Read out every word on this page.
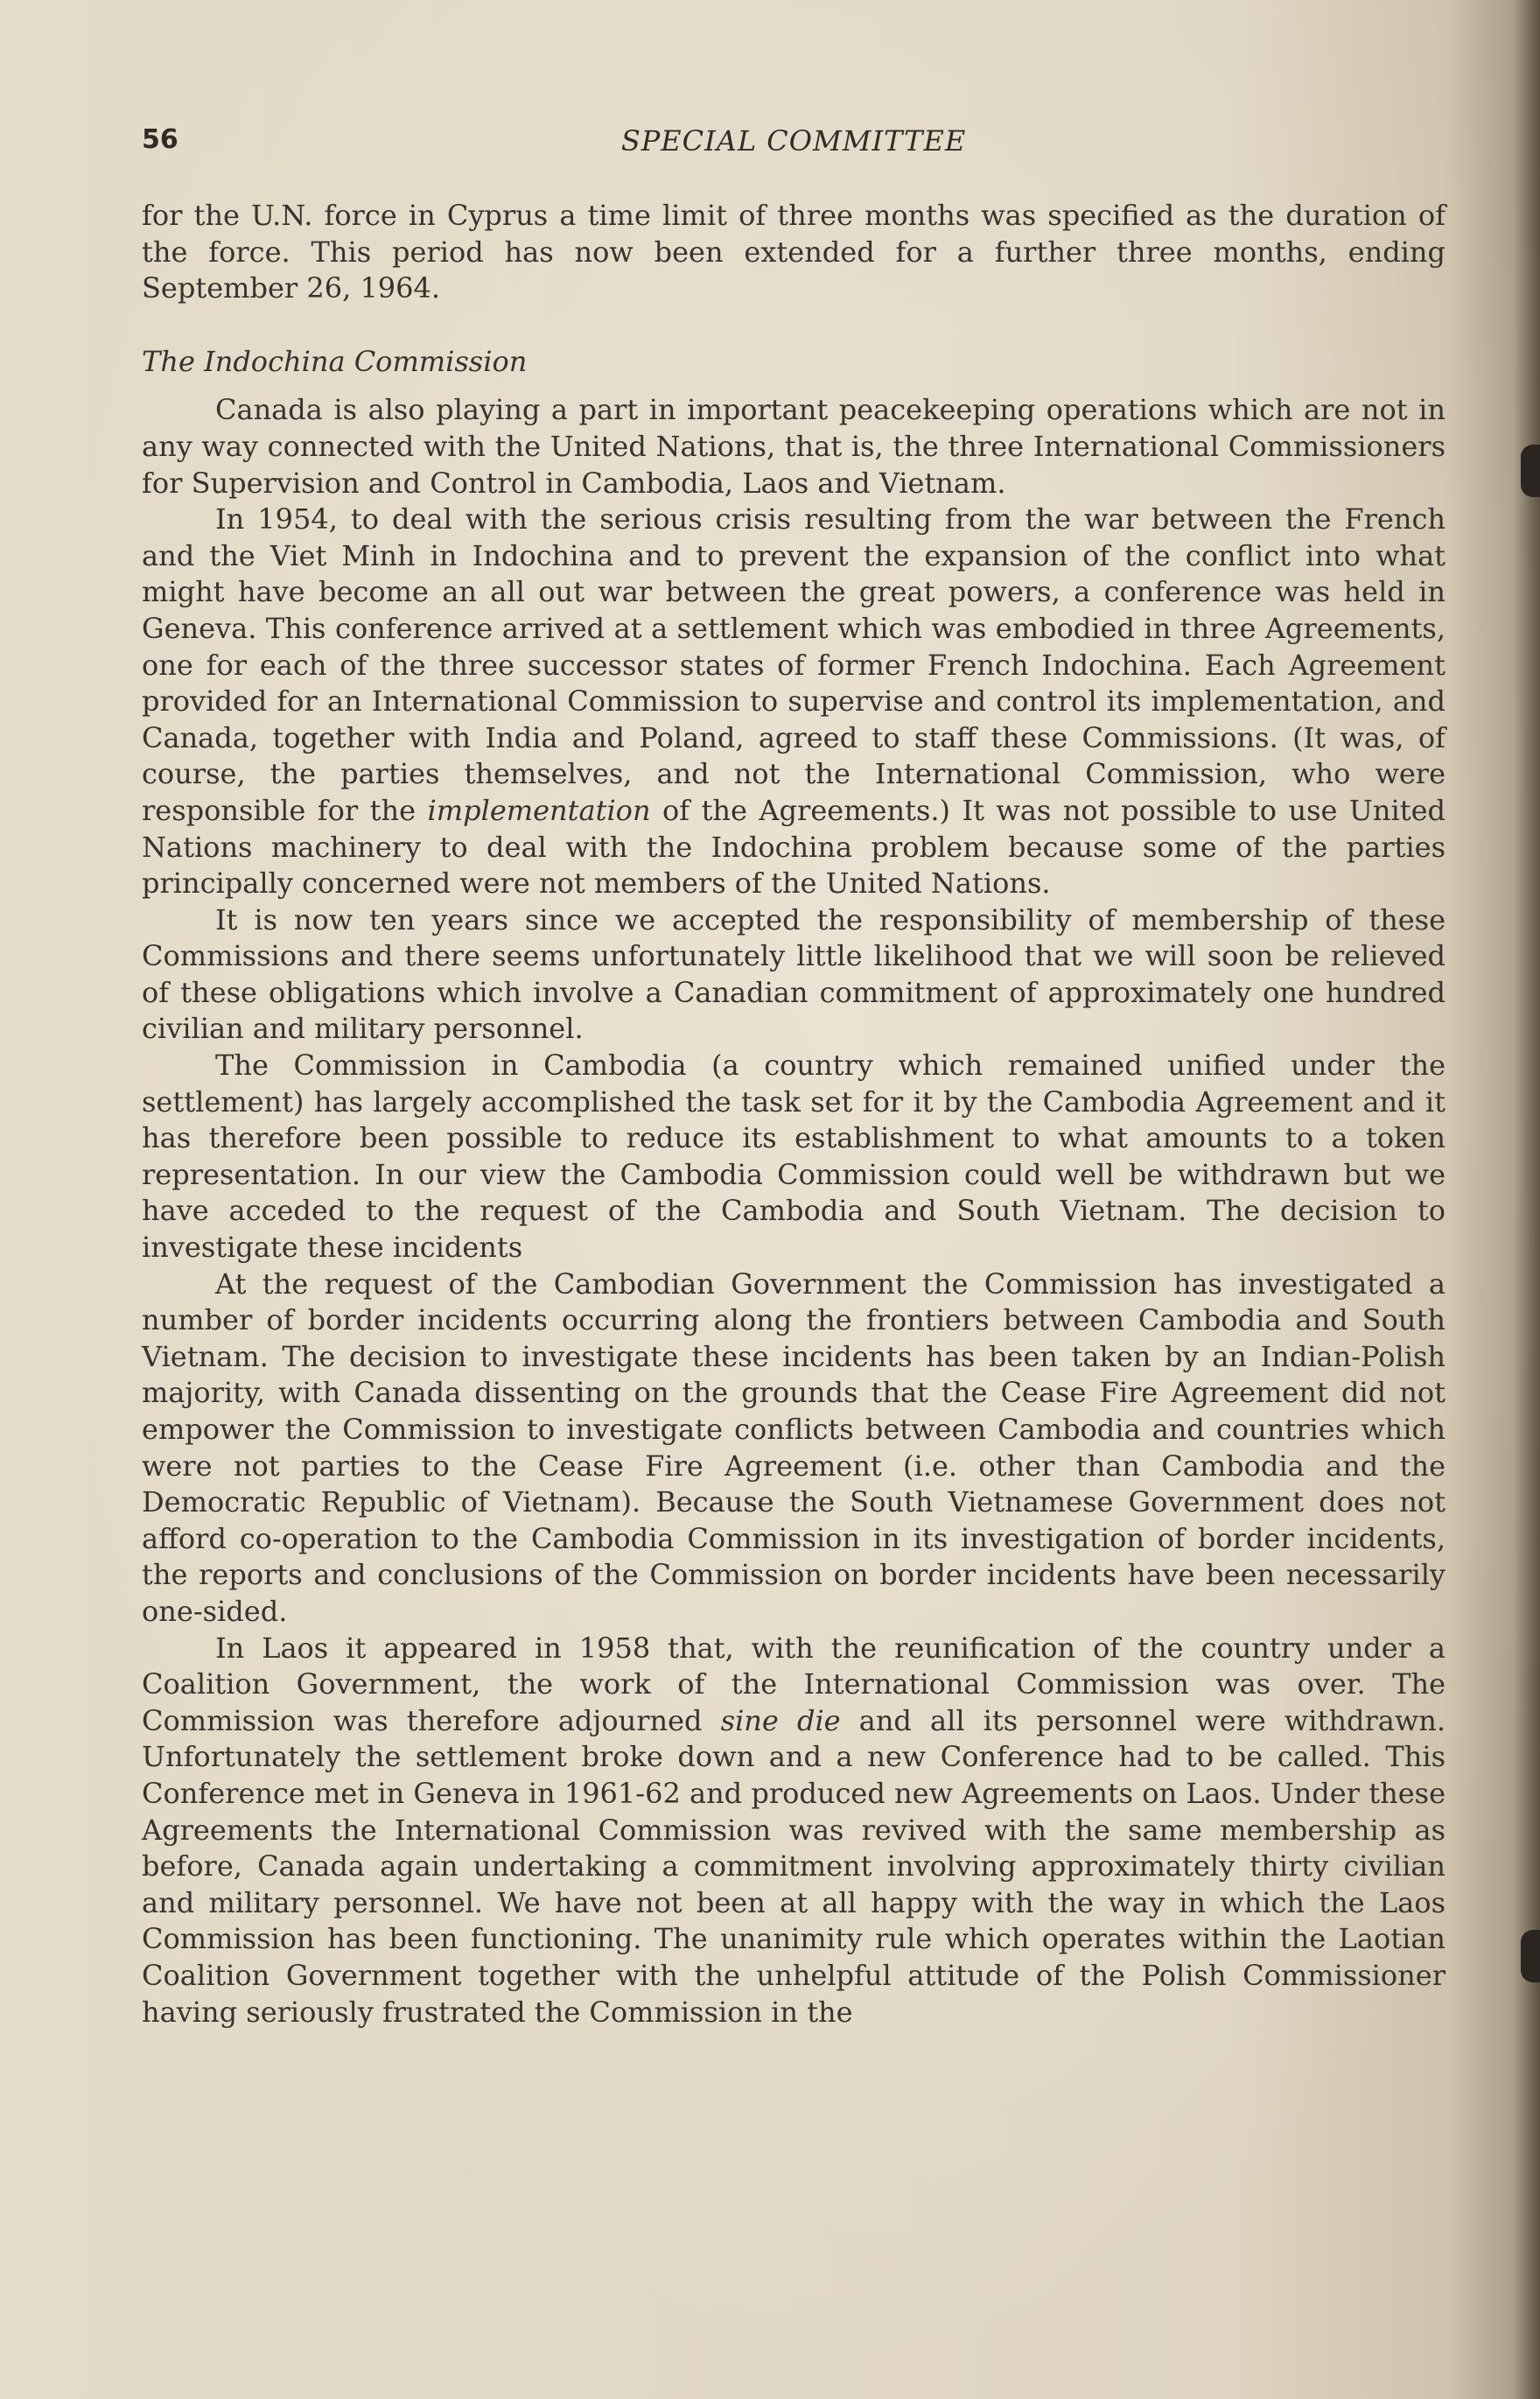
56	SPECIAL COMMITTEE

for the U.N. force in Cyprus a time limit of three months was specified as the duration of the force. This period has now been extended for a further three months, ending September 26, 1964.

The Indochina Commission

Canada is also playing a part in important peacekeeping operations which are not in any way connected with the United Nations, that is, the three International Commissioners for Supervision and Control in Cambodia, Laos and Vietnam.

In 1954, to deal with the serious crisis resulting from the war between the French and the Viet Minh in Indochina and to prevent the expansion of the conflict into what might have become an all out war between the great powers, a conference was held in Geneva. This conference arrived at a settlement which was embodied in three Agreements, one for each of the three successor states of former French Indochina. Each Agreement provided for an International Commission to supervise and control its implementation, and Canada, together with India and Poland, agreed to staff these Commissions. (It was, of course, the parties themselves, and not the International Commission, who were responsible for the implementation of the Agreements.) It was not possible to use United Nations machinery to deal with the Indochina problem because some of the parties principally concerned were not members of the United Nations.

It is now ten years since we accepted the responsibility of membership of these Commissions and there seems unfortunately little likelihood that we will soon be relieved of these obligations which involve a Canadian commitment of approximately one hundred civilian and military personnel.

The Commission in Cambodia (a country which remained unified under the settlement) has largely accomplished the task set for it by the Cambodia Agreement and it has therefore been possible to reduce its establishment to what amounts to a token representation. In our view the Cambodia Commission could well be withdrawn but we have acceded to the request of the Cambodia and South Vietnam. The decision to investigate these incidents

At the request of the Cambodian Government the Commission has investigated a number of border incidents occurring along the frontiers between Cambodia and South Vietnam. The decision to investigate these incidents has been taken by an Indian-Polish majority, with Canada dissenting on the grounds that the Cease Fire Agreement did not empower the Commission to investigate conflicts between Cambodia and countries which were not parties to the Cease Fire Agreement (i.e. other than Cambodia and the Democratic Republic of Vietnam). Because the South Vietnamese Government does not afford co-operation to the Cambodia Commission in its investigation of border incidents, the reports and conclusions of the Commission on border incidents have been necessarily one-sided.

In Laos it appeared in 1958 that, with the reunification of the country under a Coalition Government, the work of the International Commission was over. The Commission was therefore adjourned sine die and all its personnel were withdrawn. Unfortunately the settlement broke down and a new Conference had to be called. This Conference met in Geneva in 1961-62 and produced new Agreements on Laos. Under these Agreements the International Commission was revived with the same membership as before, Canada again undertaking a commitment involving approximately thirty civilian and military personnel. We have not been at all happy with the way in which the Laos Commission has been functioning. The unanimity rule which operates within the Laotian Coalition Government together with the unhelpful attitude of the Polish Commissioner having seriously frustrated the Commission in the
